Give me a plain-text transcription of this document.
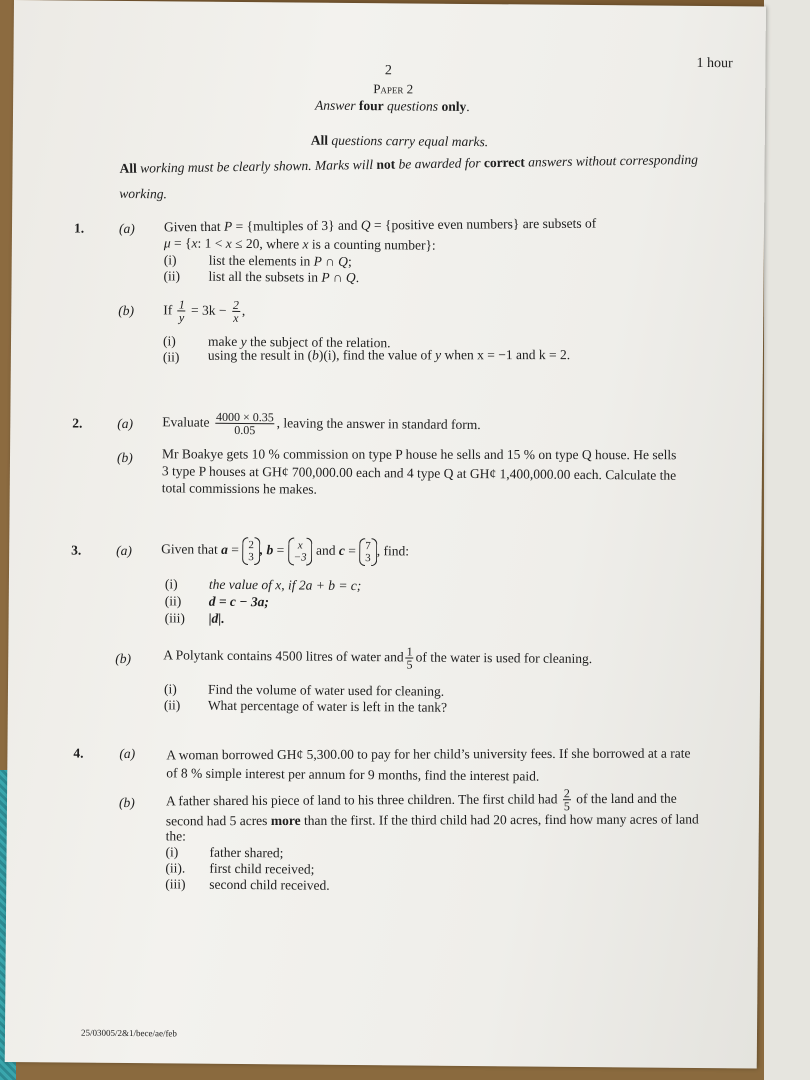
2	1 hour
Paper 2
Answer four questions only.
All questions carry equal marks.
All working must be clearly shown. Marks will not be awarded for correct answers without corresponding
working.
1.	(a) Given that P = {multiples of 3} and Q = {positive even numbers} are subsets of
μ = {x: 1 < x ≤ 20, where x is a counting number}:
(i) list the elements in P ∩ Q;
(ii) list all the subsets in P ∩ Q.
(b) If $\frac{1}{y} = 3k - \frac{2}{x}$ ,
(i) make y the subject of the relation.
(ii) using the result in (b)(i), find the value of y when x = −1 and k = 2.
2.	(a) Evaluate $\frac{4000 \times 0.35}{0.05}$ , leaving the answer in standard form.
(b) Mr Boakye gets 10 % commission on type P house he sells and 15 % on type Q house. He sells
3 type P houses at GH¢ 700,000.00 each and 4 type Q at GH¢ 1,400,000.00 each. Calculate the
total commissions he makes.
3.	(a) Given that a = 2
3 , b = x
−3 and c = 7
3 , find:
(i) the value of x, if 2a + b = c;
(ii) d = c − 3a;
(iii) |d|.
(b) A Polytank contains 4500 litres of water and $\frac{1}{5}$ of the water is used for cleaning.
(i) Find the volume of water used for cleaning.
(ii) What percentage of water is left in the tank?
4.	(a) A woman borrowed GH¢ 5,300.00 to pay for her child’s university fees. If she borrowed at a rate
of 8 % simple interest per annum for 9 months, find the interest paid.
(b) A father shared his piece of land to his three children. The first child had $\frac{2}{5}$ of the land and the
second had 5 acres more than the first. If the third child had 20 acres, find how many acres of land
the:
(i) father shared;
(ii). first child received;
(iii) second child received.
25/03005/2&1/bece/ae/feb
